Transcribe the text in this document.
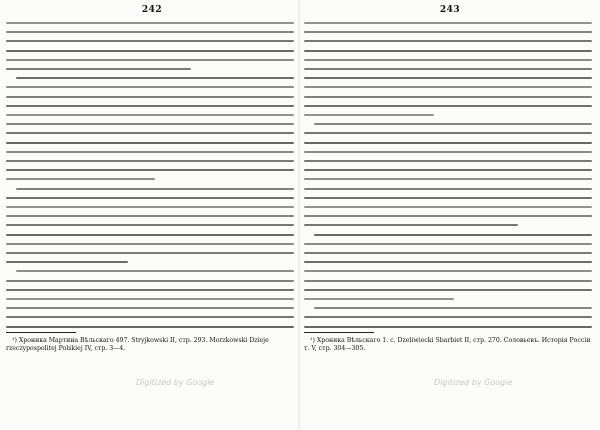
242

¹) Хроника Мартина Вѣльскаго 497. Stryjkowski II, стр. 293. Morzkowski Dzieje rzeczypospolitej Polskiej IV, стр. 3—4.

Digitized by Google
243

¹) Хроника Вѣльскаго 1. с. Dzeliwiecki Sbarbiet II, стр. 270. Соловьевъ. Исторія Россіи т. V, стр. 304—305.

Digitized by Google
